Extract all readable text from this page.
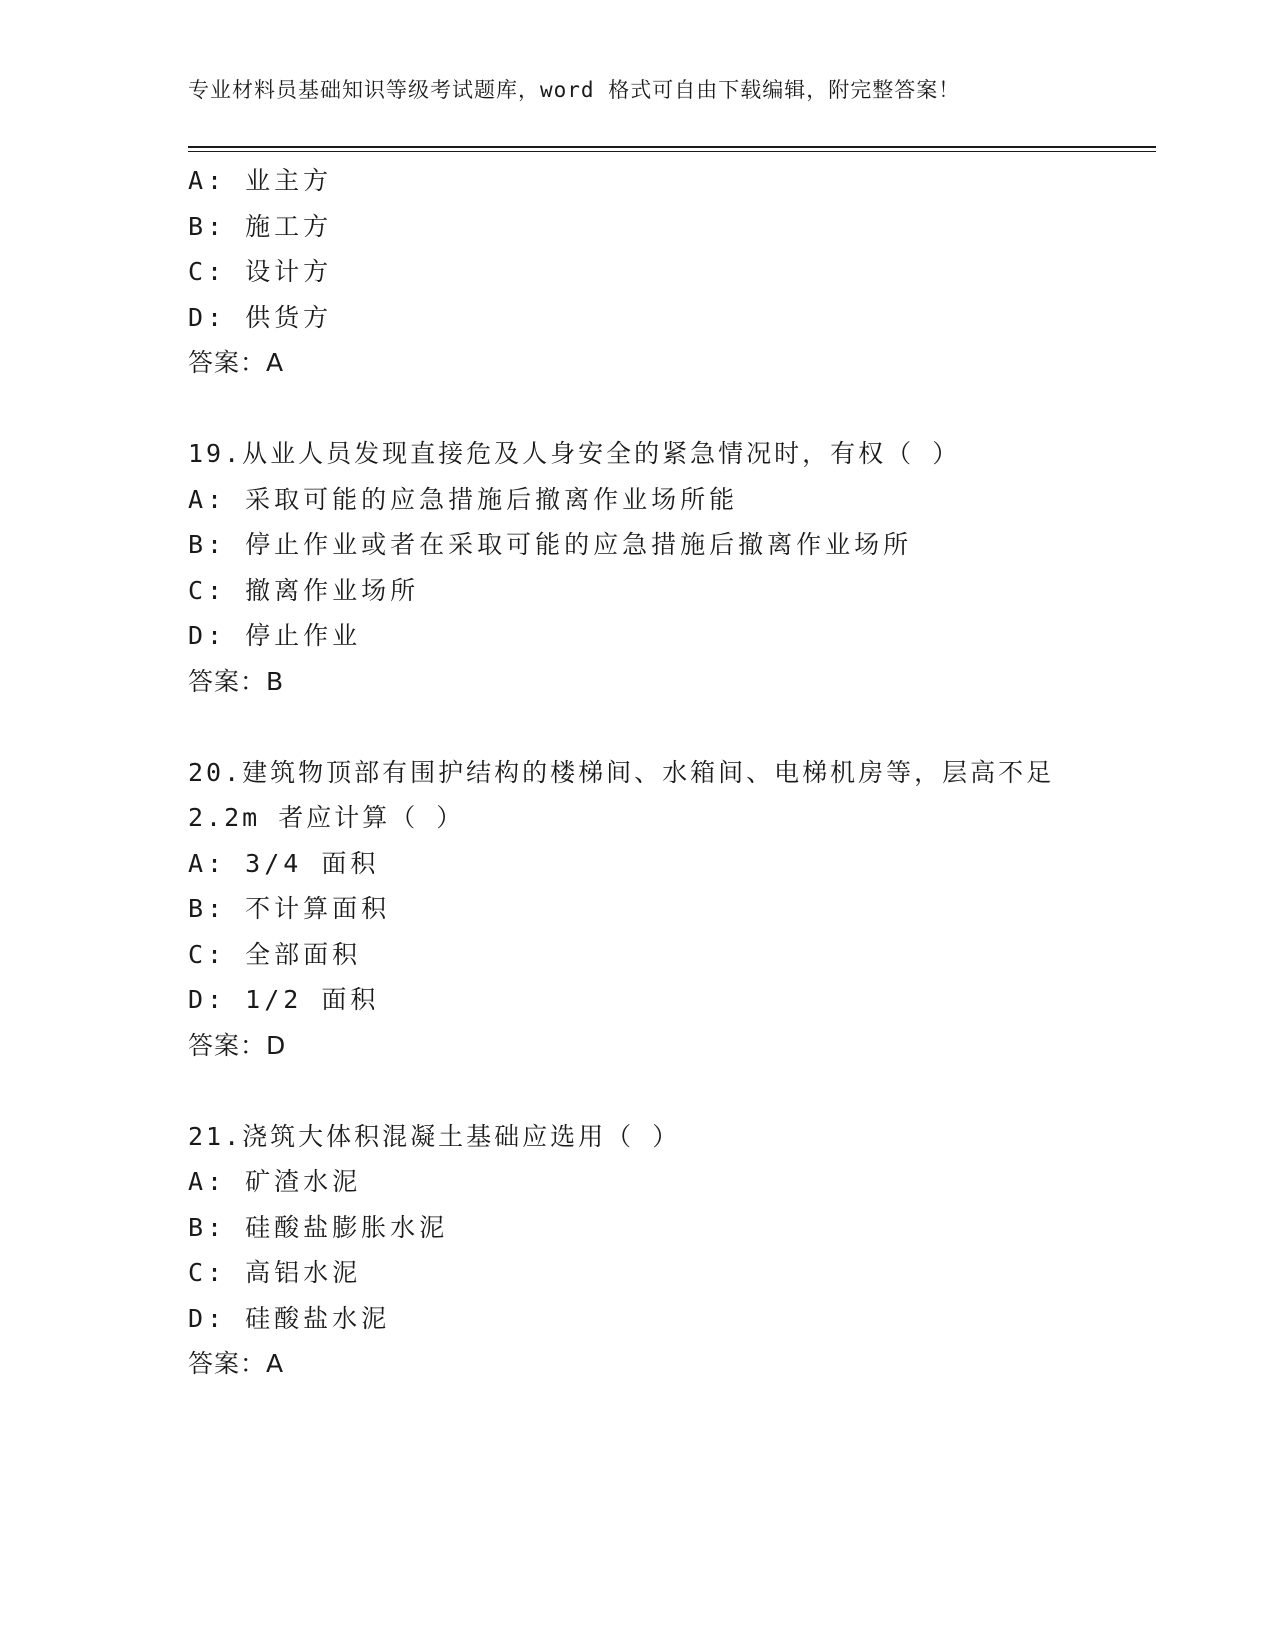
专业材料员基础知识等级考试题库，word 格式可自由下载编辑，附完整答案！
A: 业主方
B: 施工方
C: 设计方
D: 供货方
答案：A
19.从业人员发现直接危及人身安全的紧急情况时，有权（ ）
A: 采取可能的应急措施后撤离作业场所能
B: 停止作业或者在采取可能的应急措施后撤离作业场所
C: 撤离作业场所
D: 停止作业
答案：B
20.建筑物顶部有围护结构的楼梯间、水箱间、电梯机房等，层高不足
2.2m 者应计算（ ）
A: 3/4 面积
B: 不计算面积
C: 全部面积
D: 1/2 面积
答案：D
21.浇筑大体积混凝土基础应选用（ ）
A: 矿渣水泥
B: 硅酸盐膨胀水泥
C: 高铝水泥
D: 硅酸盐水泥
答案：A
